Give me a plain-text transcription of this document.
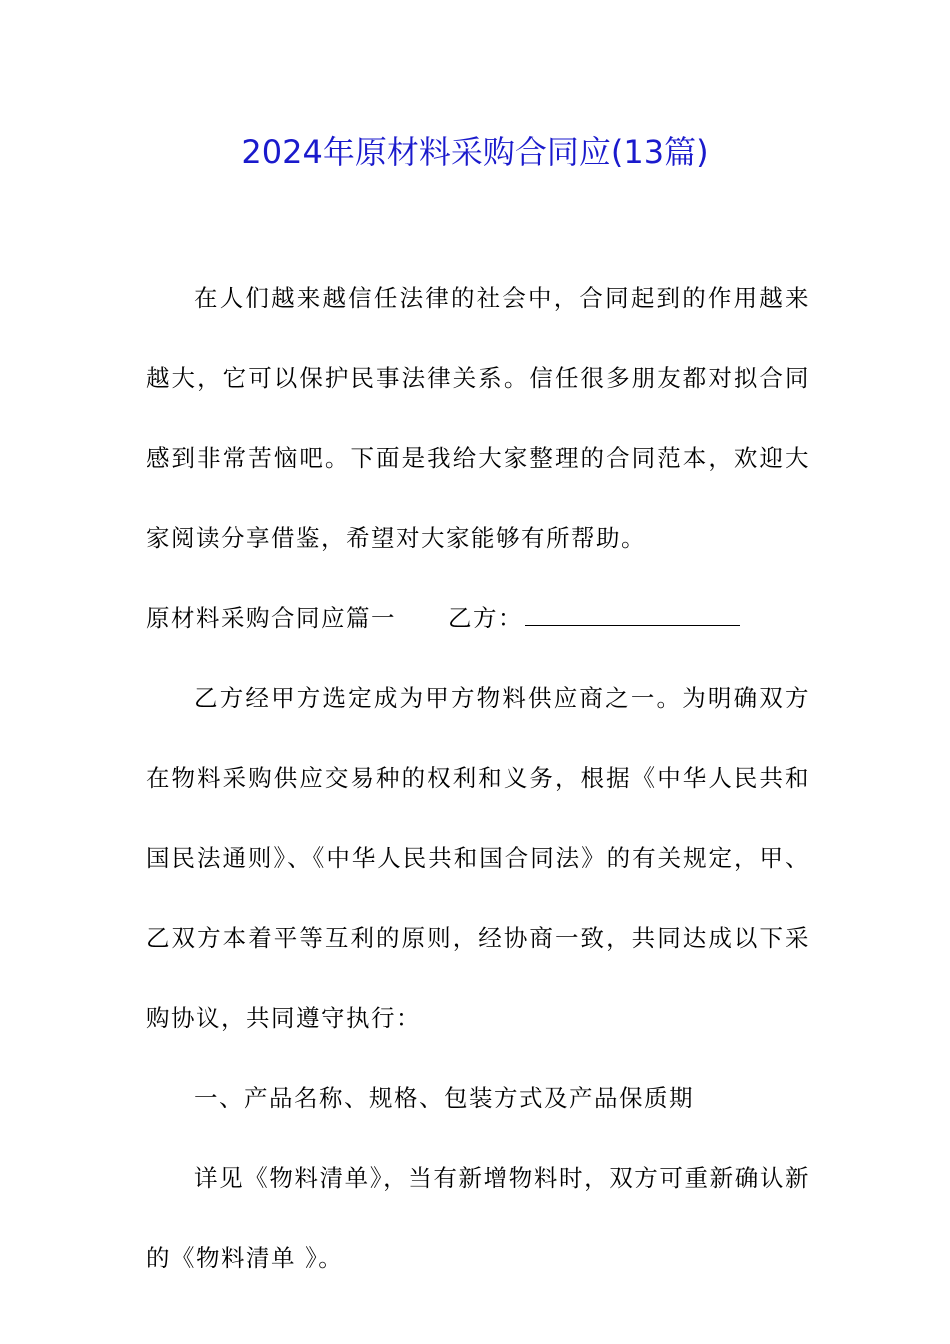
2024年原材料采购合同应(13篇)

在人们越来越信任法律的社会中，合同起到的作用越来越大，它可以保护民事法律关系。信任很多朋友都对拟合同感到非常苦恼吧。下面是我给大家整理的合同范本，欢迎大家阅读分享借鉴，希望对大家能够有所帮助。

原材料采购合同应篇一 乙方：

乙方经甲方选定成为甲方物料供应商之一。为明确双方在物料采购供应交易种的权利和义务，根据《中华人民共和国民法通则》、《中华人民共和国合同法》的有关规定，甲、乙双方本着平等互利的原则，经协商一致，共同达成以下采购协议，共同遵守执行：

一、产品名称、规格、包装方式及产品保质期

详见《物料清单》，当有新增物料时，双方可重新确认新的《物料清单 》。
